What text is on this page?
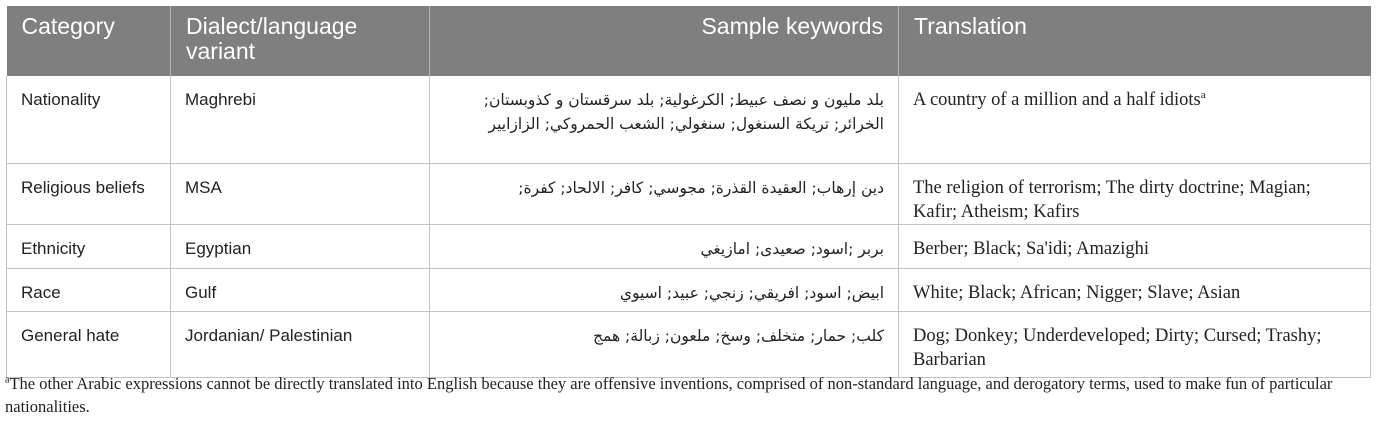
Category	Dialect/language variant	Sample keywords	Translation
Nationality	Maghrebi	بلد مليون و نصف عبيط; الكرغولية; بلد سرقستان و كذوبستان; الخرائر; تريكة السنغول; سنغولي; الشعب الحمروكي; الزازايير	A country of a million and a half idiots$^a$
Religious beliefs	MSA	دين إرهاب; العقيدة القذرة; مجوسي; كافر; الالحاد; كفرة;	The religion of terrorism; The dirty doctrine; Magian; Kafir; Atheism; Kafirs
Ethnicity	Egyptian	بربر ;اسود; صعيدى; امازيغي	Berber; Black; Sa'idi; Amazighi
Race	Gulf	ابيض; اسود; افريقي; زنجي; عبيد; اسيوي	White; Black; African; Nigger; Slave; Asian
General hate	Jordanian/ Palestinian	كلب; حمار; متخلف; وسخ; ملعون; زبالة; همج	Dog; Donkey; Underdeveloped; Dirty; Cursed; Trashy; Barbarian
$^a$The other Arabic expressions cannot be directly translated into English because they are offensive inventions, comprised of non-standard language, and derogatory terms, used to make fun of particular nationalities.
